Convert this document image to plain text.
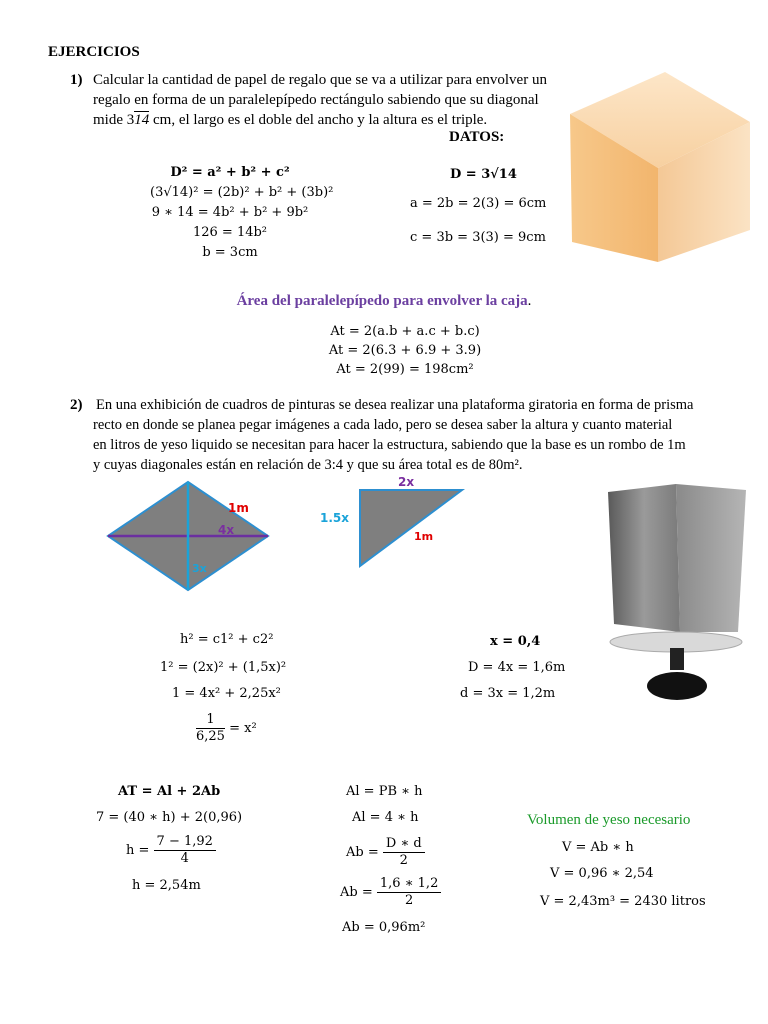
EJERCICIOS
1) Calcular la cantidad de papel de regalo que se va a utilizar para envolver un
regalo en forma de un paralelepípedo rectángulo sabiendo que su diagonal
mide 314 cm, el largo es el doble del ancho y la altura es el triple.
DATOS:
D² = a² + b² + c²
(3√14)² = (2b)² + b² + (3b)²
9 ∗ 14 = 4b² + b² + 9b²
126 = 14b²
b = 3cm
D = 3√14
a = 2b = 2(3) = 6cm
c = 3b = 3(3) = 9cm
Área del paralelepípedo para envolver la caja.
At = 2(a.b + a.c + b.c)
At = 2(6.3 + 6.9 + 3.9)
At = 2(99) = 198cm²
2) En una exhibición de cuadros de pinturas se desea realizar una plataforma giratoria en forma de prisma
recto en donde se planea pegar imágenes a cada lado, pero se desea saber la altura y cuanto material
en litros de yeso liquido se necesitan para hacer la estructura, sabiendo que la base es un rombo de 1m
y cuyas diagonales están en relación de 3:4 y que su área total es de 80m².
1m
4x
3x
2x
1.5x
1m
h² = c1² + c2²
1² = (2x)² + (1,5x)²
1 = 4x² + 2,25x²
$\frac{1}{6,25} = x^2$
x = 0,4
D = 4x = 1,6m
d = 3x = 1,2m
AT = Al + 2Ab
7 = (40 ∗ h) + 2(0,96)
$h = \frac{7 - 1,92}{4}$
h = 2,54m
Al = PB ∗ h
Al = 4 ∗ h
$Ab = \frac{D ∗ d}{2}$
$Ab = \frac{1,6 ∗ 1,2}{2}$
Ab = 0,96m²
Volumen de yeso necesario
V = Ab ∗ h
V = 0,96 ∗ 2,54
V = 2,43m³ = 2430 litros
